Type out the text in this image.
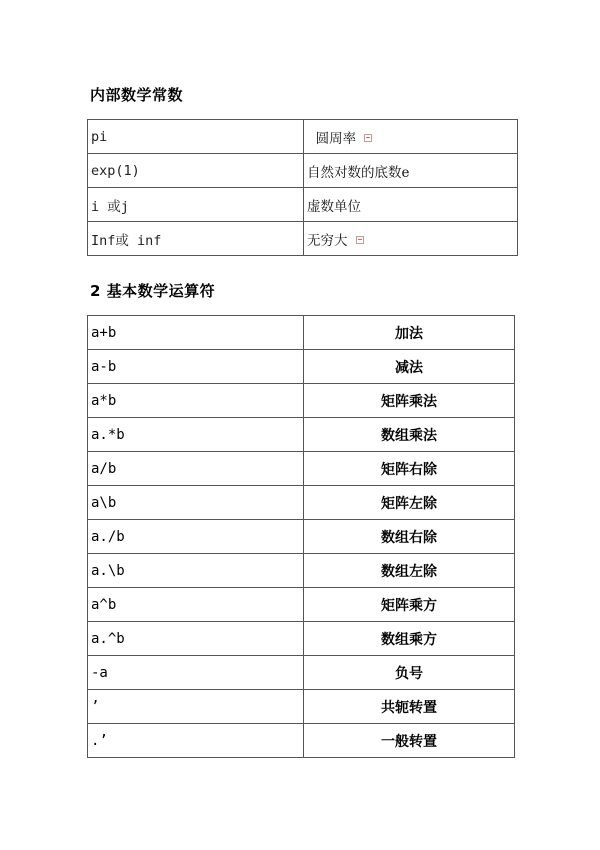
内部数学常数
pi	圆周率
exp(1)	自然对数的底数e
i 或j	虚数单位
Inf或 inf	无穷大
2 基本数学运算符
a+b	加法
a-b	减法
a*b	矩阵乘法
a.*b	数组乘法
a/b	矩阵右除
a\b	矩阵左除
a./b	数组右除
a.\b	数组左除
a^b	矩阵乘方
a.^b	数组乘方
-a	负号
’	共轭转置
.’	一般转置
